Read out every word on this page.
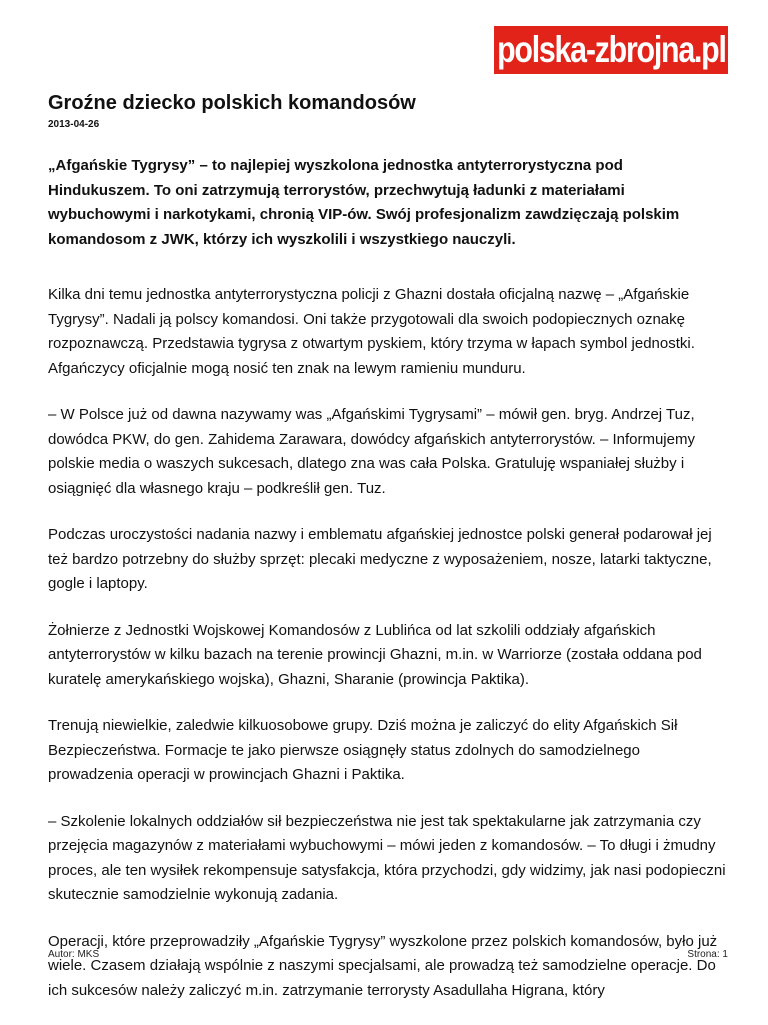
polska-zbrojna.pl
Groźne dziecko polskich komandosów
2013-04-26

„Afgańskie Tygrysy” – to najlepiej wyszkolona jednostka antyterrorystyczna pod Hindukuszem. To oni zatrzymują terrorystów, przechwytują ładunki z materiałami wybuchowymi i narkotykami, chronią VIP-ów. Swój profesjonalizm zawdzięczają polskim komandosom z JWK, którzy ich wyszkolili i wszystkiego nauczyli.

Kilka dni temu jednostka antyterrorystyczna policji z Ghazni dostała oficjalną nazwę – „Afgańskie Tygrysy”. Nadali ją polscy komandosi. Oni także przygotowali dla swoich podopiecznych oznakę rozpoznawczą. Przedstawia tygrysa z otwartym pyskiem, który trzyma w łapach symbol jednostki. Afgańczycy oficjalnie mogą nosić ten znak na lewym ramieniu munduru.

– W Polsce już od dawna nazywamy was „Afgańskimi Tygrysami” – mówił gen. bryg. Andrzej Tuz, dowódca PKW, do gen. Zahidema Zarawara, dowódcy afgańskich antyterrorystów. – Informujemy polskie media o waszych sukcesach, dlatego zna was cała Polska. Gratuluję wspaniałej służby i osiągnięć dla własnego kraju – podkreślił gen. Tuz.

Podczas uroczystości nadania nazwy i emblematu afgańskiej jednostce polski generał podarował jej też bardzo potrzebny do służby sprzęt: plecaki medyczne z wyposażeniem, nosze, latarki taktyczne, gogle i laptopy.

Żołnierze z Jednostki Wojskowej Komandosów z Lublińca od lat szkolili oddziały afgańskich antyterrorystów w kilku bazach na terenie prowincji Ghazni, m.in. w Warriorze (została oddana pod kuratelę amerykańskiego wojska), Ghazni, Sharanie (prowincja Paktika).

Trenują niewielkie, zaledwie kilkuosobowe grupy. Dziś można je zaliczyć do elity Afgańskich Sił Bezpieczeństwa. Formacje te jako pierwsze osiągnęły status zdolnych do samodzielnego prowadzenia operacji w prowincjach Ghazni i Paktika.

– Szkolenie lokalnych oddziałów sił bezpieczeństwa nie jest tak spektakularne jak zatrzymania czy przejęcia magazynów z materiałami wybuchowymi – mówi jeden z komandosów. – To długi i żmudny proces, ale ten wysiłek rekompensuje satysfakcja, która przychodzi, gdy widzimy, jak nasi podopieczni skutecznie samodzielnie wykonują zadania.

Operacji, które przeprowadziły „Afgańskie Tygrysy” wyszkolone przez polskich komandosów, było już wiele. Czasem działają wspólnie z naszymi specjalsami, ale prowadzą też samodzielne operacje. Do ich sukcesów należy zaliczyć m.in. zatrzymanie terrorysty Asadullaha Higrana, który

Autor: MKS	Strona: 1
